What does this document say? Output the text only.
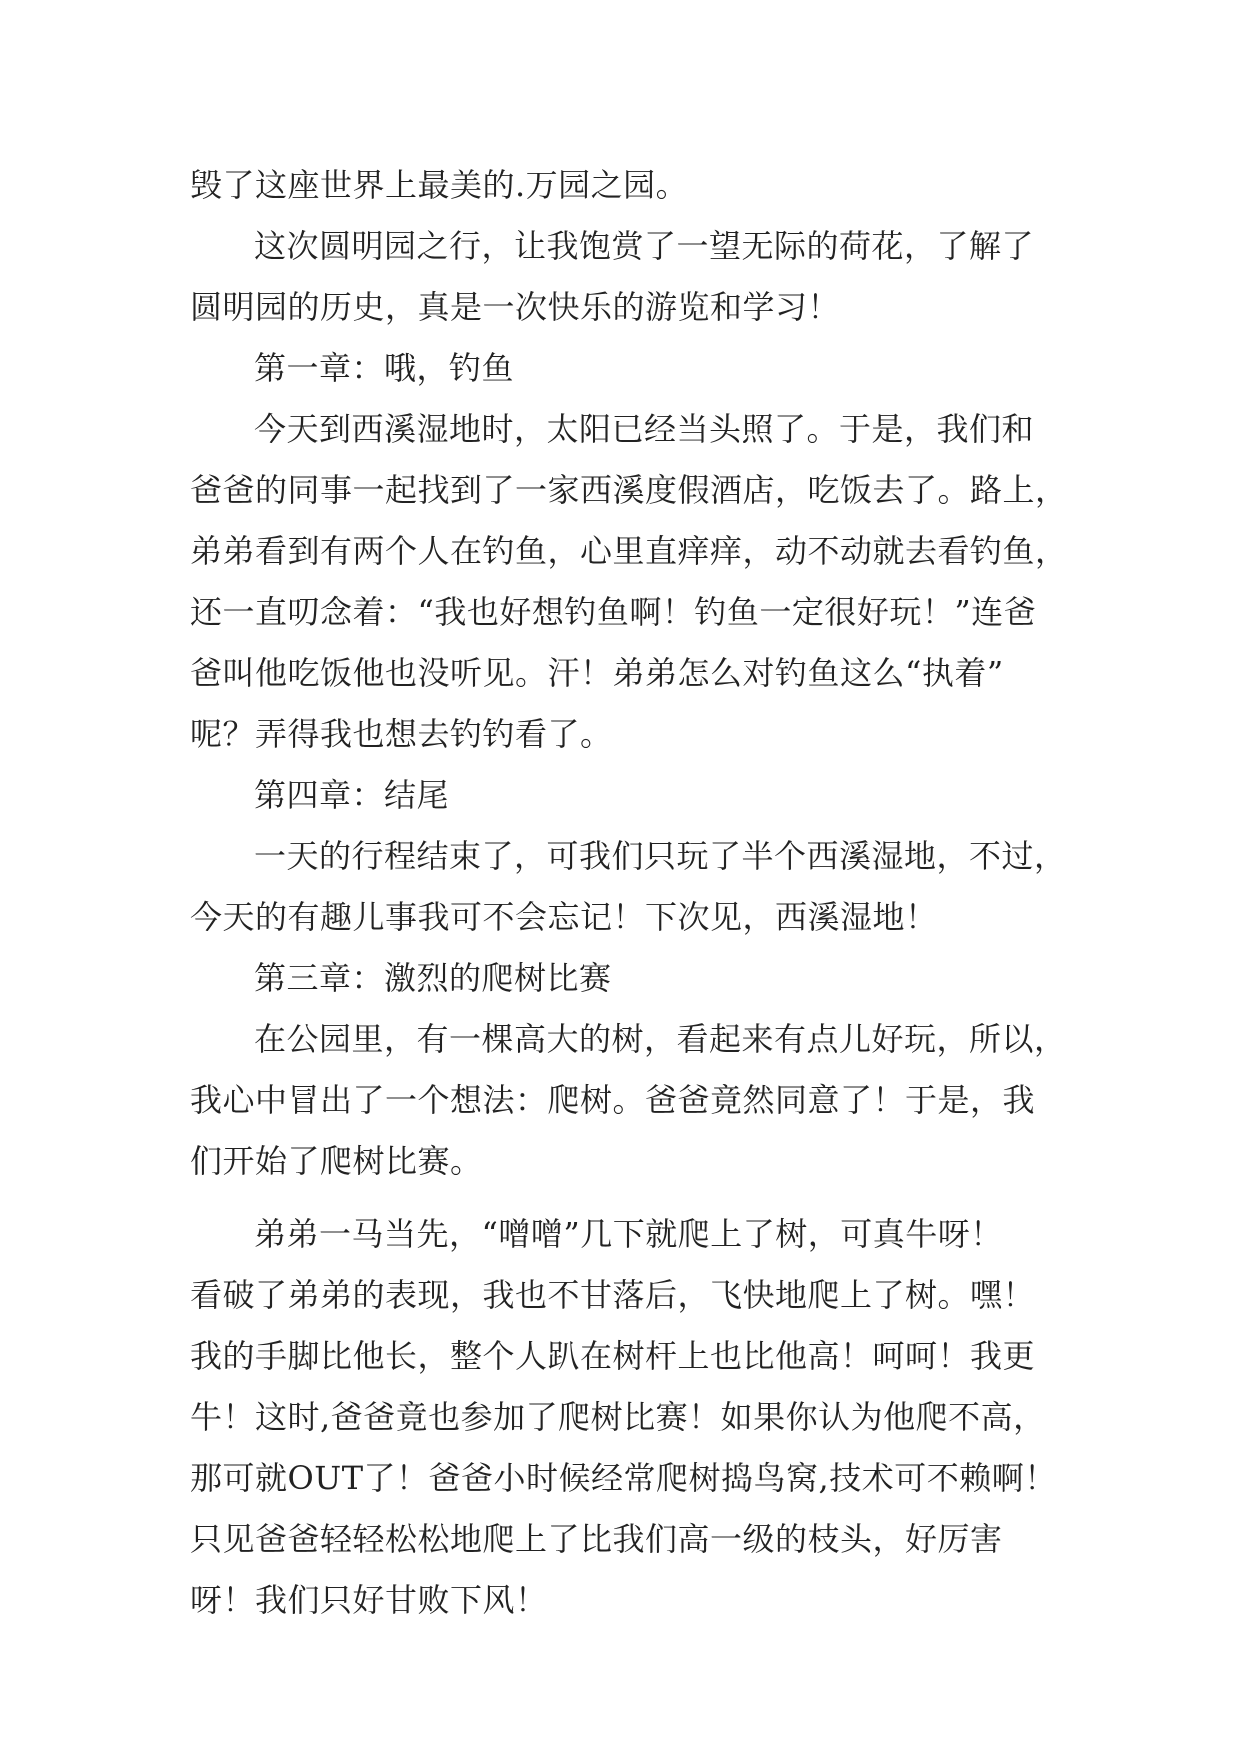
毁了这座世界上最美的.万园之园。
这次圆明园之行，让我饱赏了一望无际的荷花，了解了
圆明园的历史，真是一次快乐的游览和学习！
第一章：哦，钓鱼
今天到西溪湿地时，太阳已经当头照了。于是，我们和
爸爸的同事一起找到了一家西溪度假酒店，吃饭去了。路上，
弟弟看到有两个人在钓鱼，心里直痒痒，动不动就去看钓鱼，
还一直叨念着：“我也好想钓鱼啊！钓鱼一定很好玩！”连爸
爸叫他吃饭他也没听见。汗！弟弟怎么对钓鱼这么“执着”
呢？弄得我也想去钓钓看了。
第四章：结尾
一天的行程结束了，可我们只玩了半个西溪湿地，不过，
今天的有趣儿事我可不会忘记！下次见，西溪湿地！
第三章：激烈的爬树比赛
在公园里，有一棵高大的树，看起来有点儿好玩，所以，
我心中冒出了一个想法：爬树。爸爸竟然同意了！于是，我
们开始了爬树比赛。
弟弟一马当先，“噌噌”几下就爬上了树，可真牛呀！
看破了弟弟的表现，我也不甘落后，飞快地爬上了树。嘿！
我的手脚比他长，整个人趴在树杆上也比他高！呵呵！我更
牛！这时,爸爸竟也参加了爬树比赛！如果你认为他爬不高，
那可就OUT了！爸爸小时候经常爬树捣鸟窝,技术可不赖啊！
只见爸爸轻轻松松地爬上了比我们高一级的枝头，好厉害
呀！我们只好甘败下风！
